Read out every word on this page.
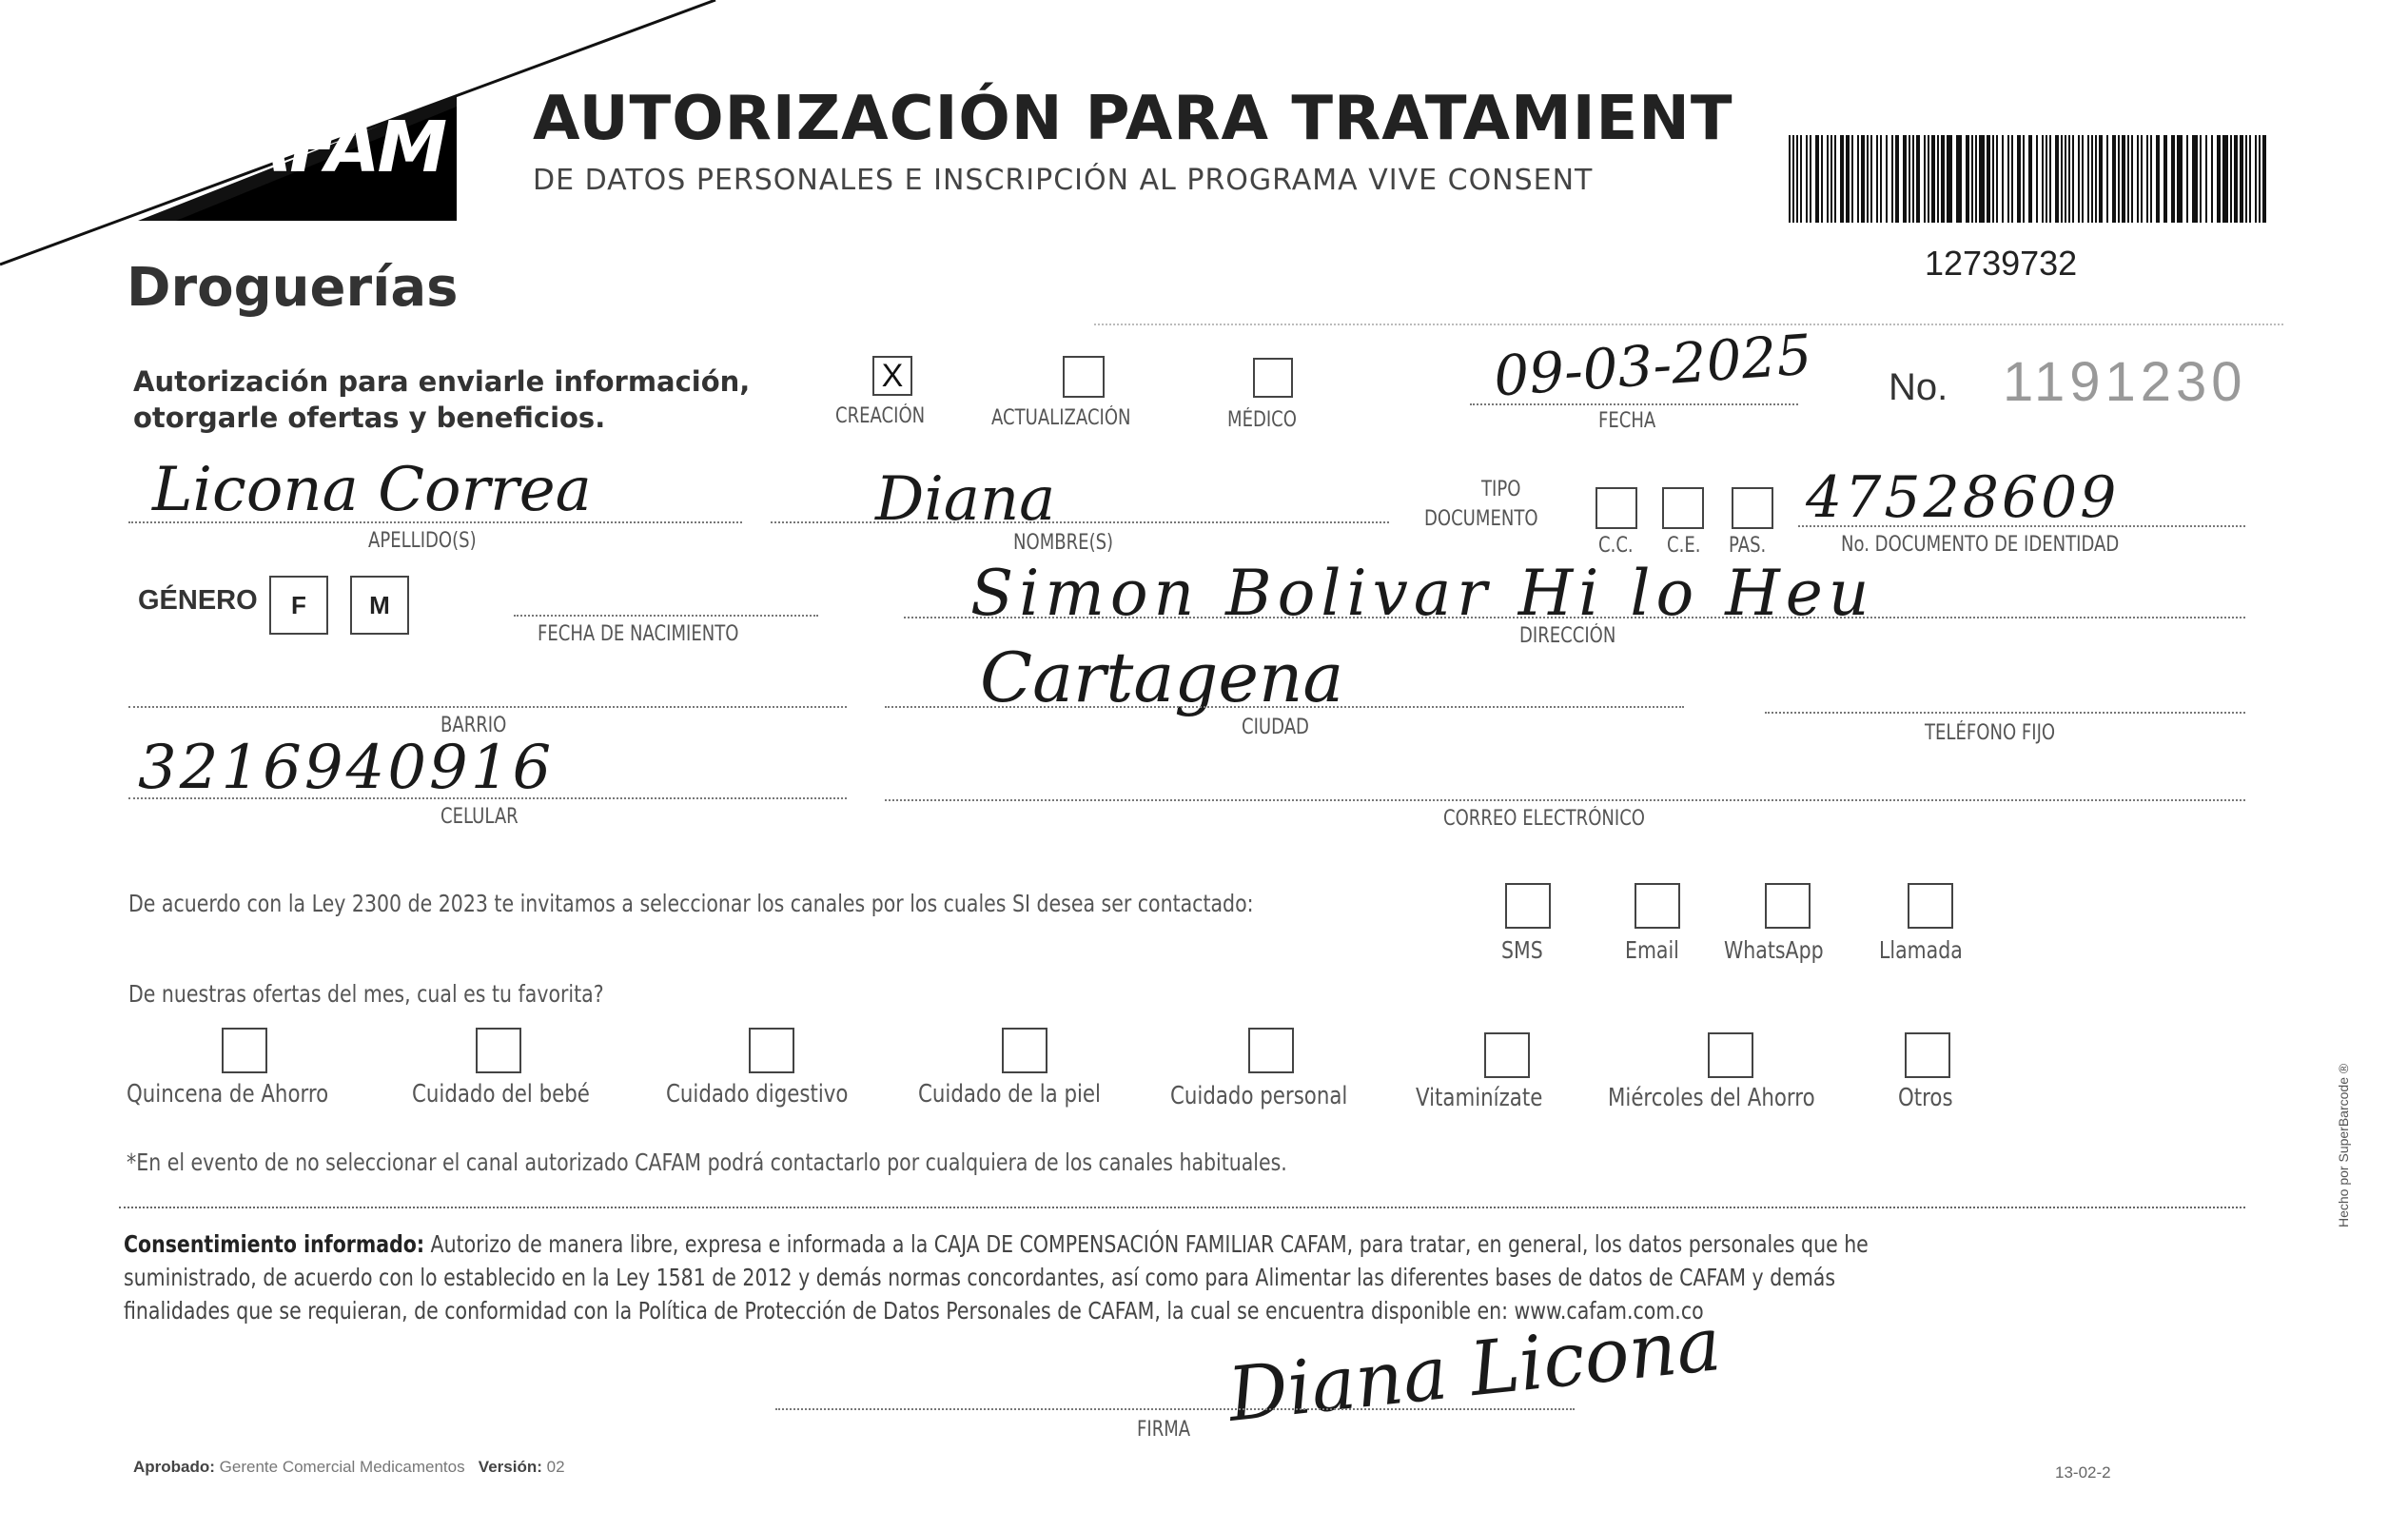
AFAM AUTORIZACIÓN PARA TRATAMIENT
DE DATOS PERSONALES E INSCRIPCIÓN AL PROGRAMA VIVE CONSENT
Droguerías	12739732
Autorización para enviarle información,
otorgarle ofertas y beneficios.
X
CREACIÓN	ACTUALIZACIÓN	MÉDICO
09-03-2025
FECHA
No. 1191230
Licona Correa
APELLIDO(S)
Diana
NOMBRE(S)
TIPO
DOCUMENTO
C.C. C.E. PAS.
47528609
No. DOCUMENTO DE IDENTIDAD
GÉNERO	F	M
FECHA DE NACIMIENTO
Simon Bolivar Hi lo Heu
DIRECCIÓN
BARRIO
Cartagena
CIUDAD	TELÉFONO FIJO
3216940916
CELULAR	CORREO ELECTRÓNICO
De acuerdo con la Ley 2300 de 2023 te invitamos a seleccionar los canales por los cuales SI desea ser contactado:
SMS	Email WhatsApp Llamada
De nuestras ofertas del mes, cual es tu favorita?
Quincena de Ahorro	Cuidado del bebé	Cuidado digestivo	Cuidado de la piel	Cuidado personal	Vitaminízate	Miércoles del Ahorro	Otros
*En el evento de no seleccionar el canal autorizado CAFAM podrá contactarlo por cualquiera de los canales habituales.
Consentimiento informado: Autorizo de manera libre, expresa e informada a la CAJA DE COMPENSACIÓN FAMILIAR CAFAM, para tratar, en general, los datos personales que he
suministrado, de acuerdo con lo establecido en la Ley 1581 de 2012 y demás normas concordantes, así como para Alimentar las diferentes bases de datos de CAFAM y demás
finalidades que se requieran, de conformidad con la Política de Protección de Datos Personales de CAFAM, la cual se encuentra disponible en: www.cafam.com.co
Diana Licona
FIRMA
Aprobado: Gerente Comercial Medicamentos Versión: 02	13-02-2
Hecho por SuperBarcode ®
